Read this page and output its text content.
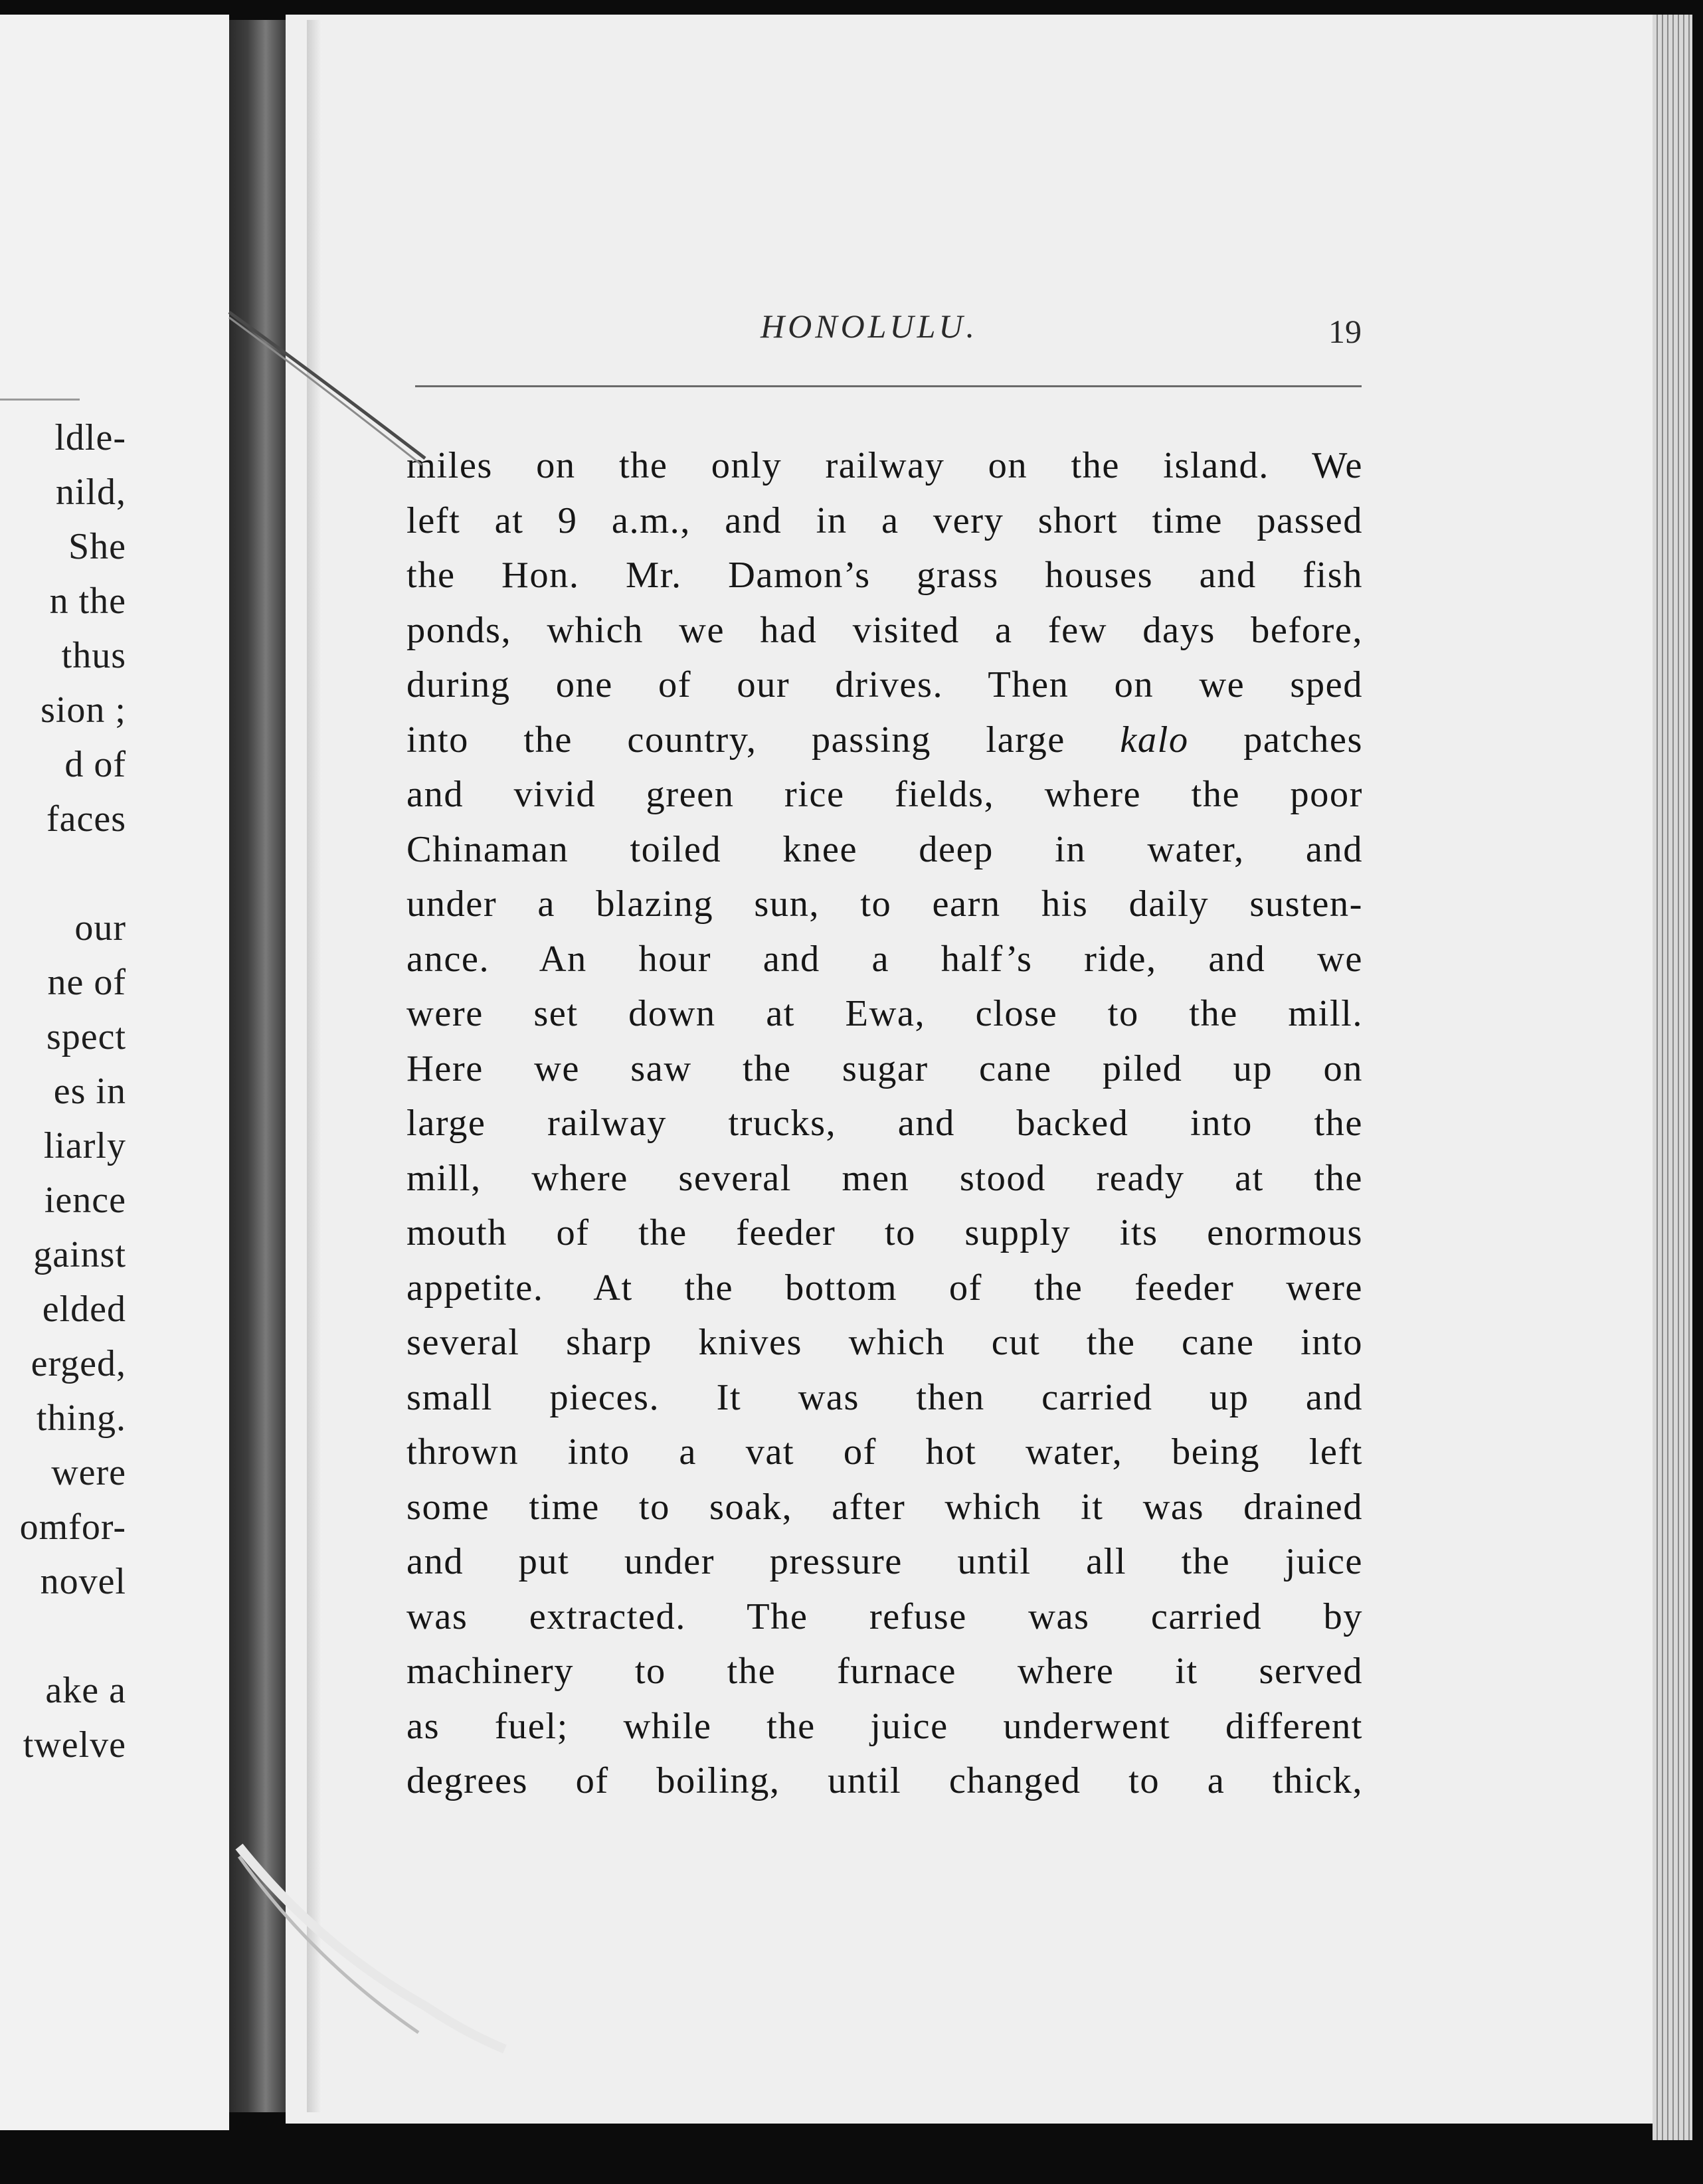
ldle-

nild,

She

n the

thus

sion ;

d of

faces

our

ne of

spect

es in

liarly

ience

gainst

elded

erged,

thing.

were

omfor-

novel

ake a

twelve

HONOLULU.	19

miles on the only railway on the island. We

left at 9 a.m., and in a very short time passed

the Hon. Mr. Damon’s grass houses and fish

ponds, which we had visited a few days before,

during one of our drives. Then on we sped

into the country, passing large kalo patches

and vivid green rice fields, where the poor

Chinaman toiled knee deep in water, and

under a blazing sun, to earn his daily susten-

ance. An hour and a half’s ride, and we

were set down at Ewa, close to the mill.

Here we saw the sugar cane piled up on

large railway trucks, and backed into the

mill, where several men stood ready at the

mouth of the feeder to supply its enormous

appetite. At the bottom of the feeder were

several sharp knives which cut the cane into

small pieces. It was then carried up and

thrown into a vat of hot water, being left

some time to soak, after which it was drained

and put under pressure until all the juice

was extracted. The refuse was carried by

machinery to the furnace where it served

as fuel; while the juice underwent different

degrees of boiling, until changed to a thick,
